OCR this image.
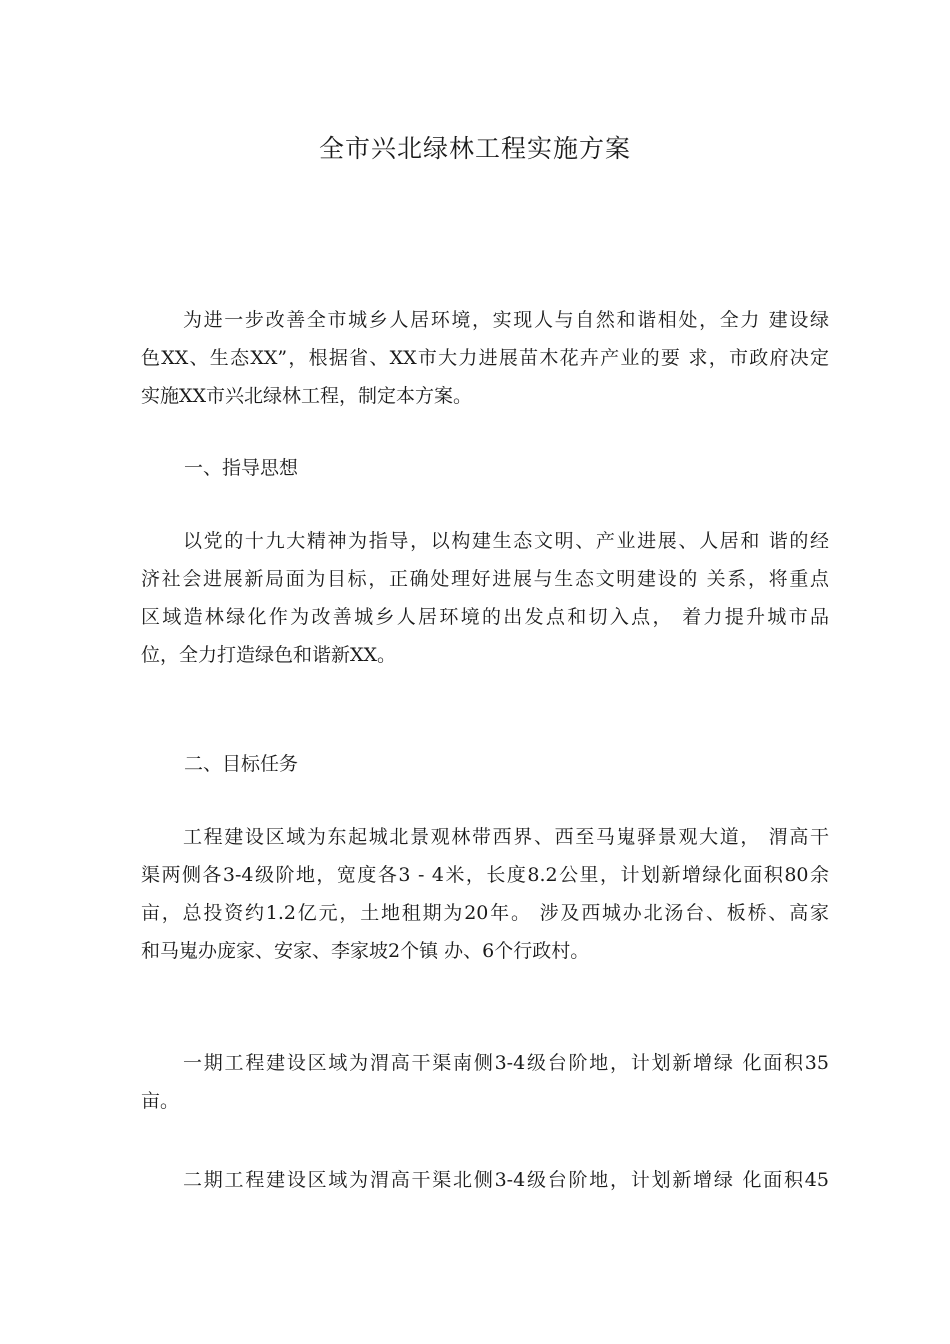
全市兴北绿林工程实施方案
为进一步改善全市城乡人居环境，实现人与自然和谐相处，全力 建设绿
色XX、生态XX”，根据省、XX市大力进展苗木花卉产业的要 求，市政府决定
实施XX市兴北绿林工程，制定本方案。
一、指导思想
以党的十九大精神为指导，以构建生态文明、产业进展、人居和 谐的经
济社会进展新局面为目标，正确处理好进展与生态文明建设的 关系，将重点
区域造林绿化作为改善城乡人居环境的出发点和切入点， 着力提升城市品
位，全力打造绿色和谐新XX。
二、目标任务
工程建设区域为东起城北景观林带西界、西至马嵬驿景观大道， 渭高干
渠两侧各3-4级阶地，宽度各3 - 4米，长度8.2公里，计划新增绿化面积80余
亩，总投资约1.2亿元，土地租期为20年。 涉及西城办北汤台、板桥、高家
和马嵬办庞家、安家、李家坡2个镇 办、6个行政村。
一期工程建设区域为渭高干渠南侧3-4级台阶地，计划新增绿 化面积35
亩。
二期工程建设区域为渭高干渠北侧3-4级台阶地，计划新增绿 化面积45
